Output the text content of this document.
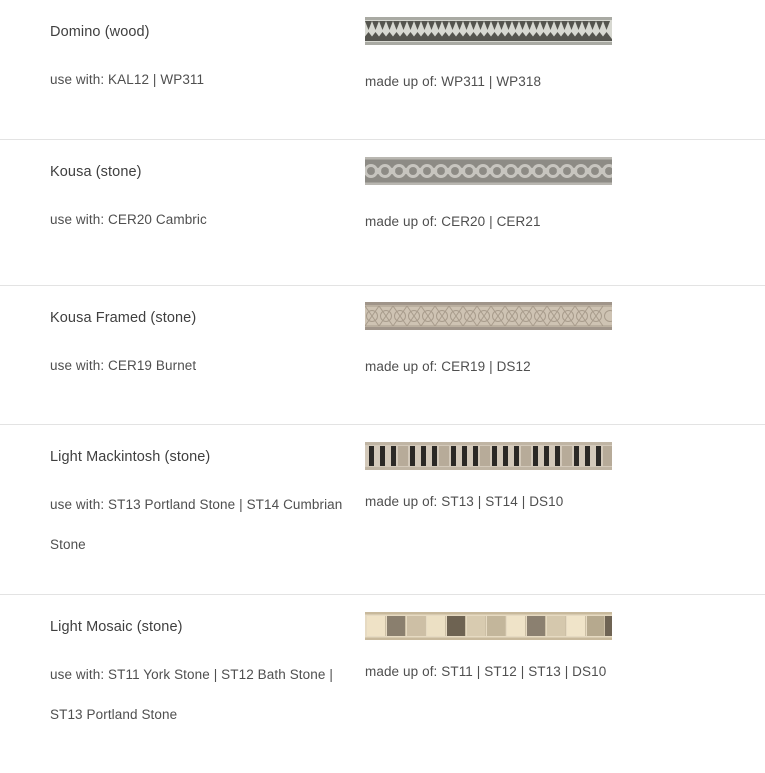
Domino (wood)

use with: KAL12 | WP311	made up of: WP311 | WP318

Kousa (stone)

use with: CER20 Cambric	made up of: CER20 | CER21

Kousa Framed (stone)

use with: CER19 Burnet	made up of: CER19 | DS12

Light Mackintosh (stone)

use with: ST13 Portland Stone | ST14 Cumbrian Stone

made up of: ST13 | ST14 | DS10

Light Mosaic (stone)

use with: ST11 York Stone | ST12 Bath Stone | ST13 Portland Stone

made up of: ST11 | ST12 | ST13 | DS10
